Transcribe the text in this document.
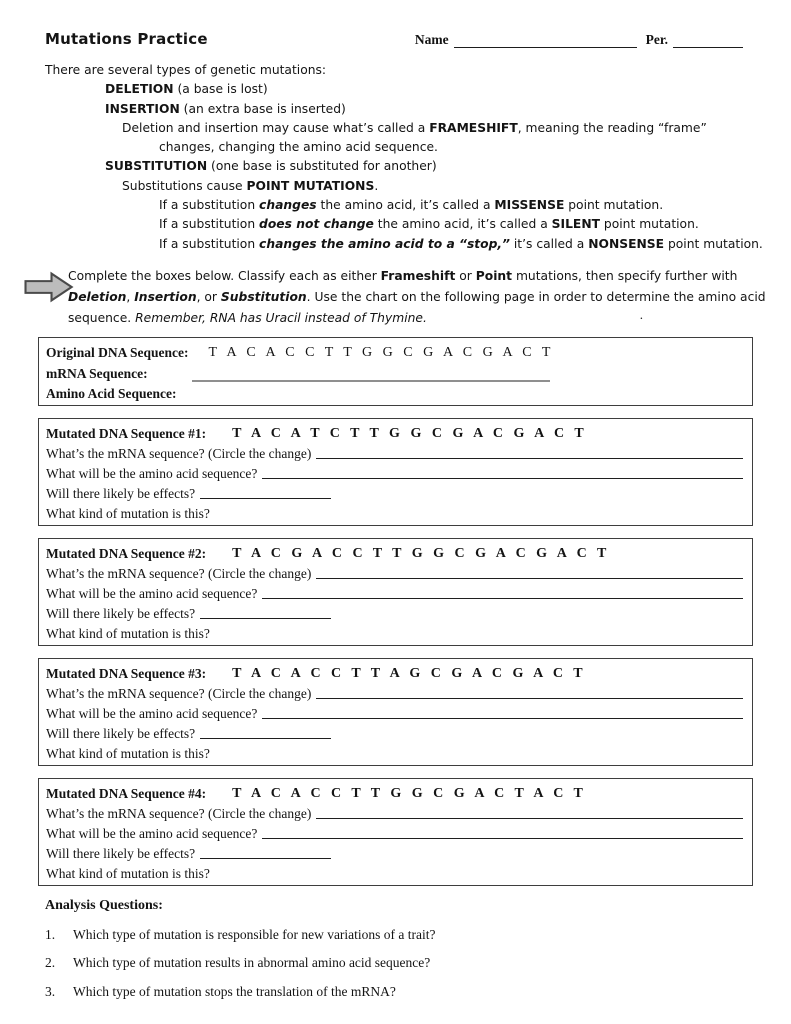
Mutations Practice	Name	Per.
There are several types of genetic mutations:
DELETION (a base is lost)
INSERTION (an extra base is inserted)
Deletion and insertion may cause what’s called a FRAMESHIFT, meaning the reading “frame”
changes, changing the amino acid sequence.
SUBSTITUTION (one base is substituted for another)
Substitutions cause POINT MUTATIONS.
If a substitution changes the amino acid, it’s called a MISSENSE point mutation.
If a substitution does not change the amino acid, it’s called a SILENT point mutation.
If a substitution changes the amino acid to a “stop,” it’s called a NONSENSE point mutation.
Complete the boxes below. Classify each as either Frameshift or Point mutations, then specify further with
Deletion, Insertion, or Substitution. Use the chart on the following page in order to determine the amino acid
sequence. Remember, RNA has Uracil instead of Thymine.	.
Original DNA Sequence: T A C A C C T T G G C G A C G A C T
mRNA Sequence:
Amino Acid Sequence:
Mutated DNA Sequence #1: T A C A T C T T G G C G A C G A C T
What’s the mRNA sequence? (Circle the change)
What will be the amino acid sequence?
Will there likely be effects?
What kind of mutation is this?
Mutated DNA Sequence #2: T A C G A C C T T G G C G A C G A C T
What’s the mRNA sequence? (Circle the change)
What will be the amino acid sequence?
Will there likely be effects?
What kind of mutation is this?
Mutated DNA Sequence #3: T A C A C C T T A G C G A C G A C T
What’s the mRNA sequence? (Circle the change)
What will be the amino acid sequence?
Will there likely be effects?
What kind of mutation is this?
Mutated DNA Sequence #4: T A C A C C T T G G C G A C T A C T
What’s the mRNA sequence? (Circle the change)
What will be the amino acid sequence?
Will there likely be effects?
What kind of mutation is this?
Analysis Questions:
1.	Which type of mutation is responsible for new variations of a trait?
2.	Which type of mutation results in abnormal amino acid sequence?
3.	Which type of mutation stops the translation of the mRNA?
